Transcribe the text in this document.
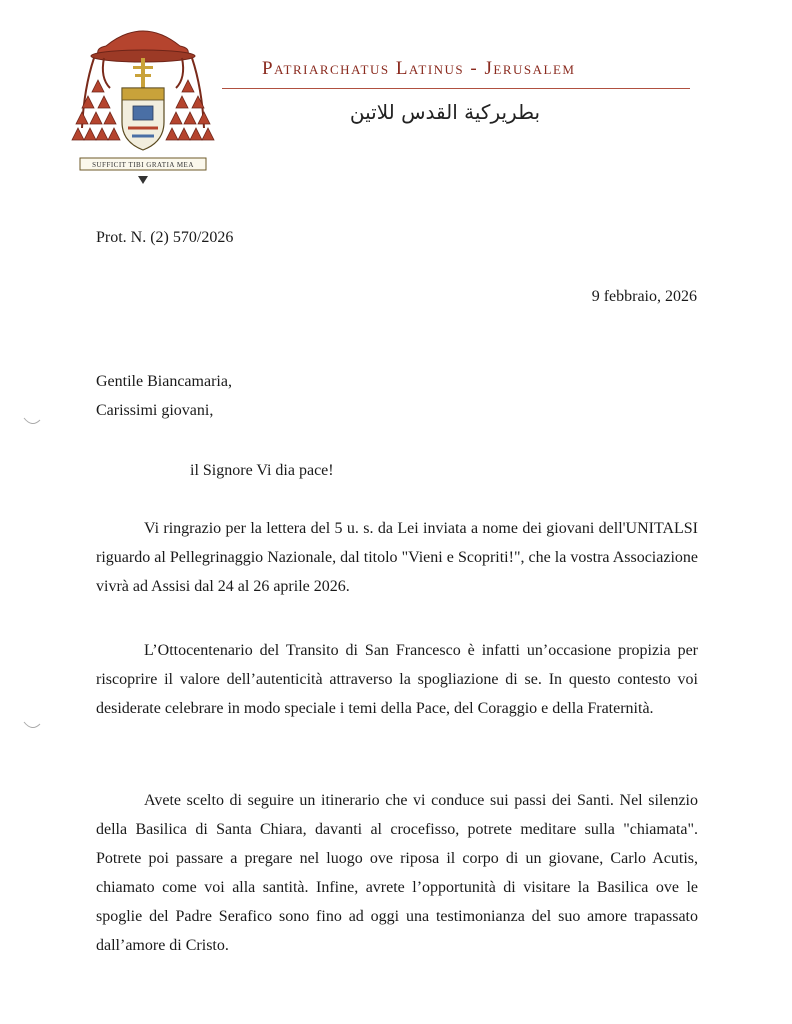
SUFFICIT TIBI GRATIA MEA
Patriarchatus Latinus - Jerusalem
بطريركية القدس للاتين
Prot. N. (2) 570/2026
9 febbraio, 2026
Gentile Biancamaria,
Carissimi giovani,
il Signore Vi dia pace!

Vi ringrazio per la lettera del 5 u. s. da Lei inviata a nome dei giovani dell'UNITALSI riguardo al Pellegrinaggio Nazionale, dal titolo "Vieni e Scopriti!", che la vostra Associazione vivrà ad Assisi dal 24 al 26 aprile 2026.

L’Ottocentenario del Transito di San Francesco è infatti un’occasione propizia per riscoprire il valore dell’autenticità attraverso la spogliazione di se. In questo contesto voi desiderate celebrare in modo speciale i temi della Pace, del Coraggio e della Fraternità.

Avete scelto di seguire un itinerario che vi conduce sui passi dei Santi. Nel silenzio della Basilica di Santa Chiara, davanti al crocefisso, potrete meditare sulla "chiamata". Potrete poi passare a pregare nel luogo ove riposa il corpo di un giovane, Carlo Acutis, chiamato come voi alla santità. Infine, avrete l’opportunità di visitare la Basilica ove le spoglie del Padre Serafico sono fino ad oggi una testimonianza del suo amore trapassato dall’amore di Cristo.
